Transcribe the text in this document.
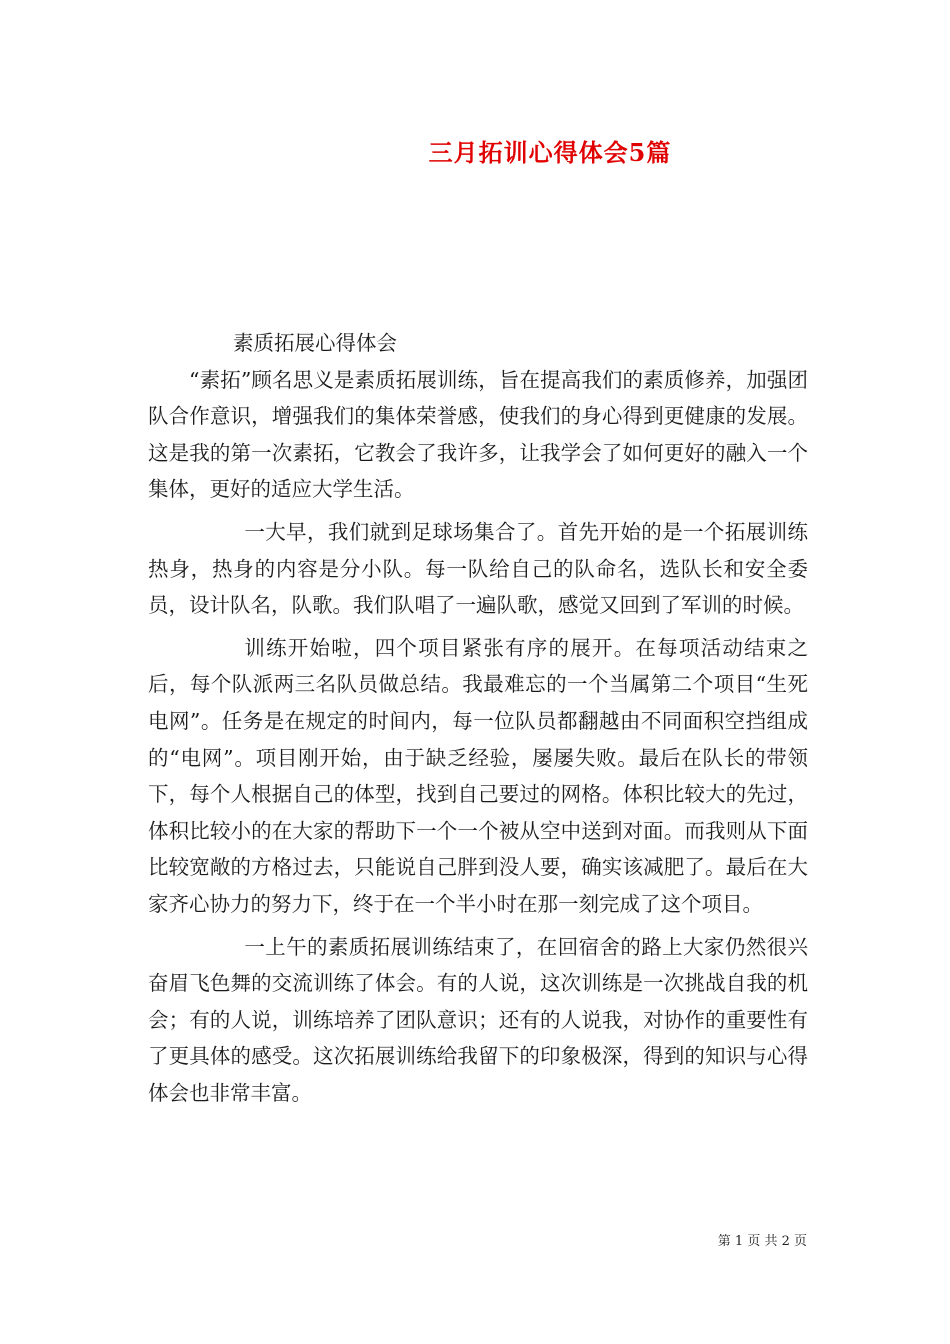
三月拓训心得体会5篇

素质拓展心得体会

“素拓”顾名思义是素质拓展训练，旨在提高我们的素质修养，加强团队合作意识，增强我们的集体荣誉感，使我们的身心得到更健康的发展。这是我的第一次素拓，它教会了我许多，让我学会了如何更好的融入一个集体，更好的适应大学生活。

一大早，我们就到足球场集合了。首先开始的是一个拓展训练热身，热身的内容是分小队。每一队给自己的队命名，选队长和安全委员，设计队名，队歌。我们队唱了一遍队歌，感觉又回到了军训的时候。

训练开始啦，四个项目紧张有序的展开。在每项活动结束之后，每个队派两三名队员做总结。我最难忘的一个当属第二个项目“生死电网”。任务是在规定的时间内，每一位队员都翻越由不同面积空挡组成的“电网”。项目刚开始，由于缺乏经验，屡屡失败。最后在队长的带领下，每个人根据自己的体型，找到自己要过的网格。体积比较大的先过，体积比较小的在大家的帮助下一个一个被从空中送到对面。而我则从下面比较宽敞的方格过去，只能说自己胖到没人要，确实该减肥了。最后在大家齐心协力的努力下，终于在一个半小时在那一刻完成了这个项目。

一上午的素质拓展训练结束了，在回宿舍的路上大家仍然很兴奋眉飞色舞的交流训练了体会。有的人说，这次训练是一次挑战自我的机会；有的人说，训练培养了团队意识；还有的人说我，对协作的重要性有了更具体的感受。这次拓展训练给我留下的印象极深，得到的知识与心得体会也非常丰富。

第 1 页 共 2 页
